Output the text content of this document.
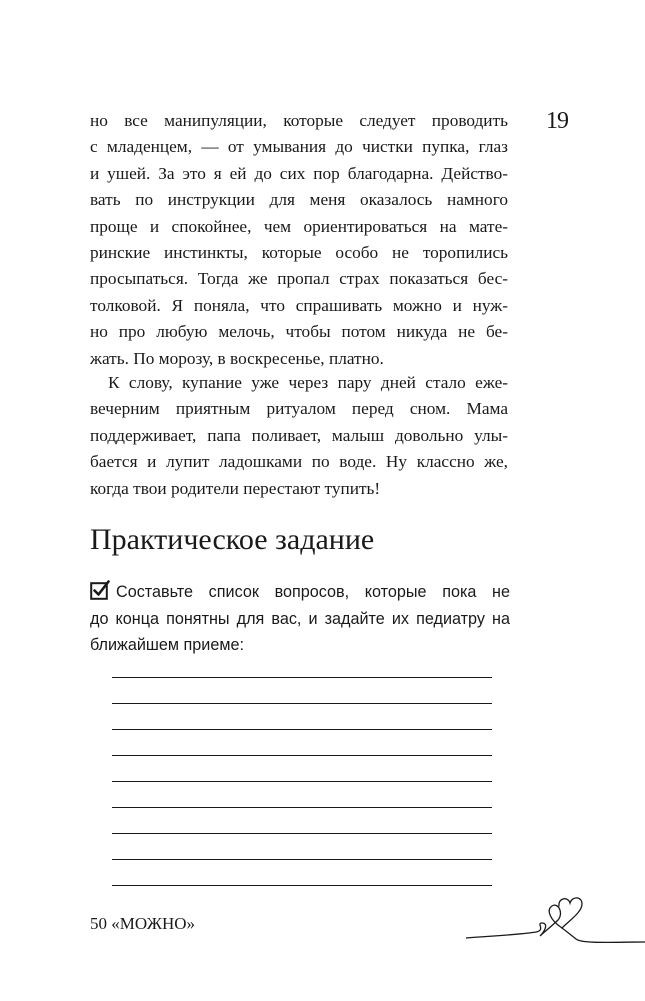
19
но все манипуляции, которые следует проводить
с младенцем, — от умывания до чистки пупка, глаз
и ушей. За это я ей до сих пор благодарна. Действо-
вать по инструкции для меня оказалось намного
проще и спокойнее, чем ориентироваться на мате-
ринские инстинкты, которые особо не торопились
просыпаться. Тогда же пропал страх показаться бес-
толковой. Я поняла, что спрашивать можно и нуж-
но про любую мелочь, чтобы потом никуда не бе-
жать. По морозу, в воскресенье, платно.
К слову, купание уже через пару дней стало еже-
вечерним приятным ритуалом перед сном. Мама
поддерживает, папа поливает, малыш довольно улы-
бается и лупит ладошками по воде. Ну классно же,
когда твои родители перестают тупить!
Практическое задание
Составьте список вопросов, которые пока не
до конца понятны для вас, и задайте их педиатру на
ближайшем приеме:
50 «МОЖНО»
